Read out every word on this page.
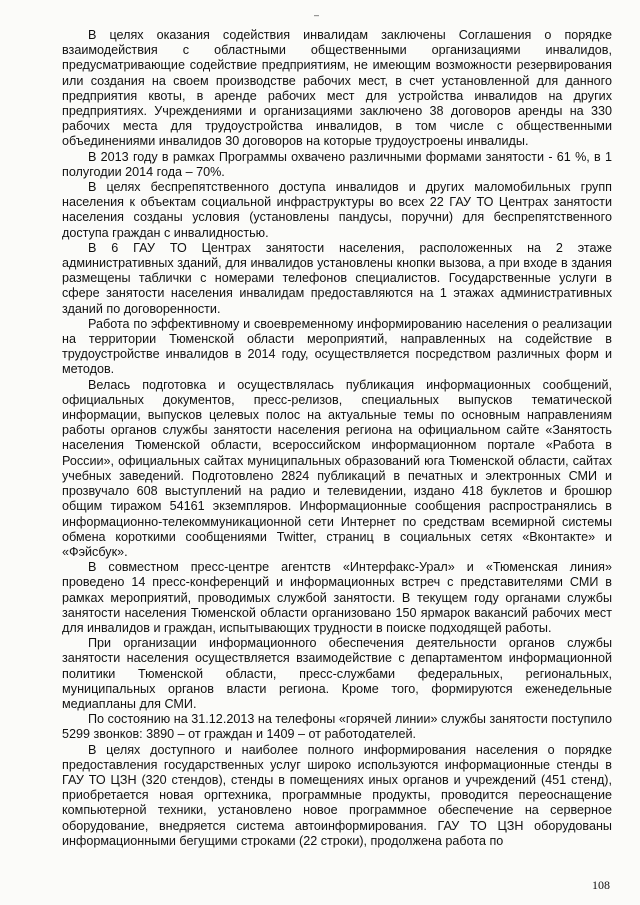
–

В целях оказания содействия инвалидам заключены Соглашения о порядке взаимодействия с областными общественными организациями инвалидов, предусматривающие содействие предприятиям, не имеющим возможности резервирования или создания на своем производстве рабочих мест, в счет установленной для данного предприятия квоты, в аренде рабочих мест для устройства инвалидов на других предприятиях. Учреждениями и организациями заключено 38 договоров аренды на 330 рабочих места для трудоустройства инвалидов, в том числе с общественными объединениями инвалидов 30 договоров на которые трудоустроены инвалиды.

В 2013 году в рамках Программы охвачено различными формами занятости - 61 %, в 1 полугодии 2014 года – 70%.

В целях беспрепятственного доступа инвалидов и других маломобильных групп населения к объектам социальной инфраструктуры во всех 22 ГАУ ТО Центрах занятости населения созданы условия (установлены пандусы, поручни) для беспрепятственного доступа граждан с инвалидностью.

В 6 ГАУ ТО Центрах занятости населения, расположенных на 2 этаже административных зданий, для инвалидов установлены кнопки вызова, а при входе в здания размещены таблички с номерами телефонов специалистов. Государственные услуги в сфере занятости населения инвалидам предоставляются на 1 этажах административных зданий по договоренности.

Работа по эффективному и своевременному информированию населения о реализации на территории Тюменской области мероприятий, направленных на содействие в трудоустройстве инвалидов в 2014 году, осуществляется посредством различных форм и методов.

Велась подготовка и осуществлялась публикация информационных сообщений, официальных документов, пресс-релизов, специальных выпусков тематической информации, выпусков целевых полос на актуальные темы по основным направлениям работы органов службы занятости населения региона на официальном сайте «Занятость населения Тюменской области, всероссийском информационном портале «Работа в России», официальных сайтах муниципальных образований юга Тюменской области, сайтах учебных заведений. Подготовлено 2824 публикаций в печатных и электронных СМИ и прозвучало 608 выступлений на радио и телевидении, издано 418 буклетов и брошюр общим тиражом 54161 экземпляров. Информационные сообщения распространялись в информационно-телекоммуникационной сети Интернет по средствам всемирной системы обмена короткими сообщениями Twitter, страниц в социальных сетях «Вконтакте» и «Фэйсбук».

В совместном пресс-центре агентств «Интерфакс-Урал» и «Тюменская линия» проведено 14 пресс-конференций и информационных встреч с представителями СМИ в рамках мероприятий, проводимых службой занятости. В текущем году органами службы занятости населения Тюменской области организовано 150 ярмарок вакансий рабочих мест для инвалидов и граждан, испытывающих трудности в поиске подходящей работы.

При организации информационного обеспечения деятельности органов службы занятости населения осуществляется взаимодействие с департаментом информационной политики Тюменской области, пресс-службами федеральных, региональных, муниципальных органов власти региона. Кроме того, формируются еженедельные медиапланы для СМИ.

По состоянию на 31.12.2013 на телефоны «горячей линии» службы занятости поступило 5299 звонков: 3890 – от граждан и 1409 – от работодателей.

В целях доступного и наиболее полного информирования населения о порядке предоставления государственных услуг широко используются информационные стенды в ГАУ ТО ЦЗН (320 стендов), стенды в помещениях иных органов и учреждений (451 стенд), приобретается новая оргтехника, программные продукты, проводится переоснащение компьютерной техники, установлено новое программное обеспечение на серверное оборудование, внедряется система автоинформирования. ГАУ ТО ЦЗН оборудованы информационными бегущими строками (22 строки), продолжена работа по

108
